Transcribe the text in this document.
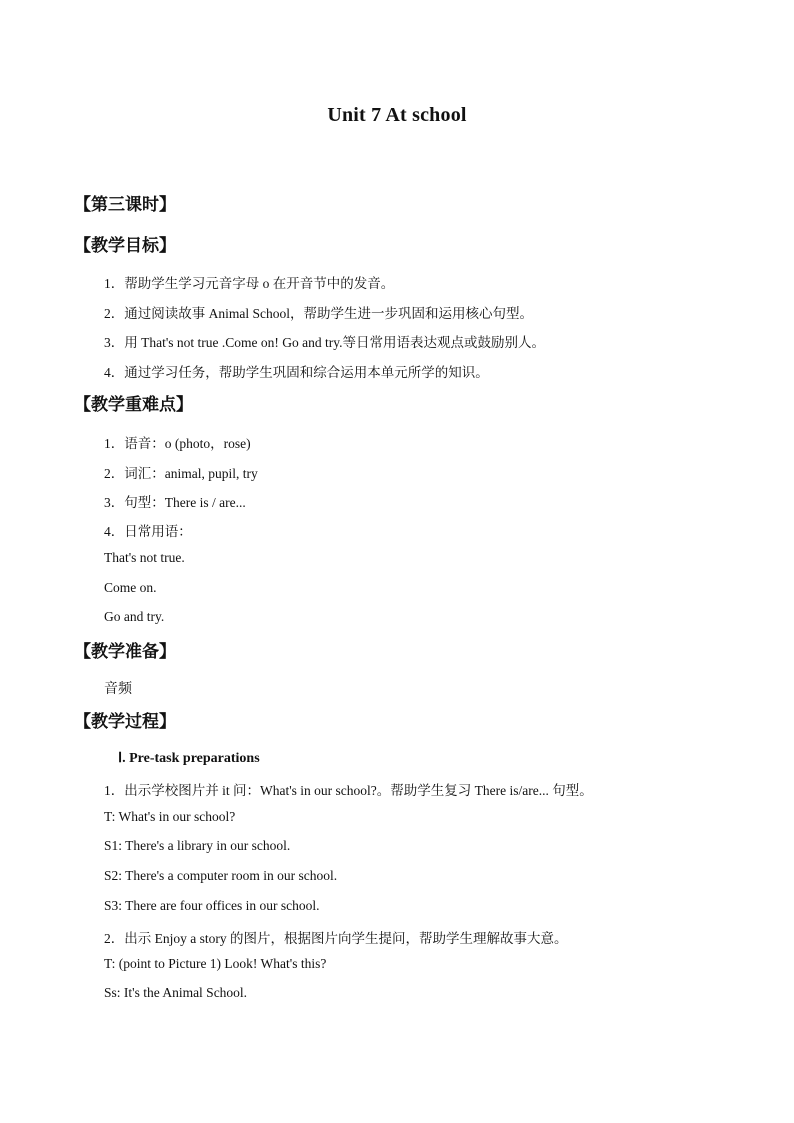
Unit 7 At school
【第三课时】
【教学目标】
1．帮助学生学习元音字母 o 在开音节中的发音。
2．通过阅读故事 Animal School，帮助学生进一步巩固和运用核心句型。
3．用 That's not true .Come on! Go and try.等日常用语表达观点或鼓励别人。
4．通过学习任务，帮助学生巩固和综合运用本单元所学的知识。
【教学重难点】
1．语音：o (photo，rose)
2．词汇：animal, pupil, try
3．句型：There is / are...
4．日常用语：
That's not true.
Come on.
Go and try.
【教学准备】
音频
【教学过程】
Ⅰ. Pre-task preparations
1．出示学校图片并 it 问：What's in our school?。帮助学生复习 There is/are... 句型。
T: What's in our school?
S1: There's a library in our school.
S2: There's a computer room in our school.
S3: There are four offices in our school.
2．出示 Enjoy a story 的图片，根据图片向学生提问，帮助学生理解故事大意。
T: (point to Picture 1) Look! What's this?
Ss: It's the Animal School.
